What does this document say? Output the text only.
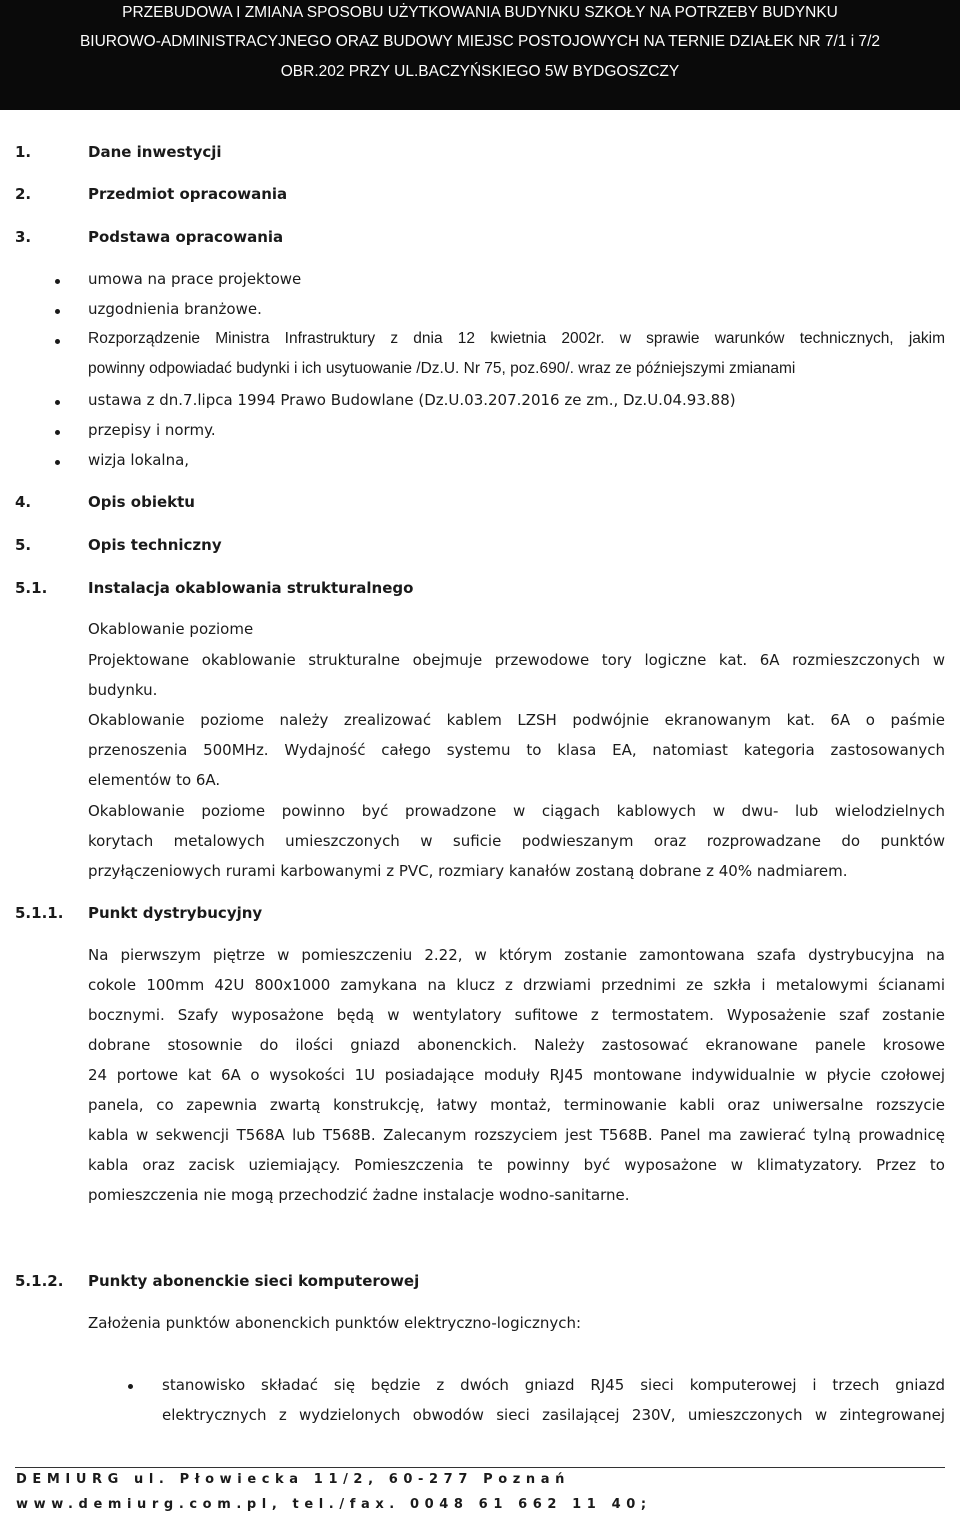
PRZEBUDOWA I ZMIANA SPOSOBU UŻYTKOWANIA BUDYNKU SZKOŁY NA POTRZEBY BUDYNKU
BIUROWO-ADMINISTRACYJNEGO ORAZ BUDOWY MIEJSC POSTOJOWYCH NA TERNIE DZIAŁEK NR 7/1 i 7/2
OBR.202 PRZY UL.BACZYŃSKIEGO 5W BYDGOSZCZY
1.	Dane inwestycji
2.	Przedmiot opracowania
3.	Podstawa opracowania
umowa na prace projektowe
uzgodnienia branżowe.
Rozporządzenie Ministra Infrastruktury z dnia 12 kwietnia 2002r. w sprawie warunków technicznych, jakim
powinny odpowiadać budynki i ich usytuowanie /Dz.U. Nr 75, poz.690/. wraz ze późniejszymi zmianami
ustawa z dn.7.lipca 1994 Prawo Budowlane (Dz.U.03.207.2016 ze zm., Dz.U.04.93.88)
przepisy i normy.
wizja lokalna,
4.	Opis obiektu
5.	Opis techniczny
5.1.	Instalacja okablowania strukturalnego
Okablowanie poziome
Projektowane okablowanie strukturalne obejmuje przewodowe tory logiczne kat. 6A rozmieszczonych w
budynku.
Okablowanie poziome należy zrealizować kablem LZSH podwójnie ekranowanym kat. 6A o paśmie
przenoszenia 500MHz. Wydajność całego systemu to klasa EA, natomiast kategoria zastosowanych
elementów to 6A.
Okablowanie poziome powinno być prowadzone w ciągach kablowych w dwu- lub wielodzielnych
korytach metalowych umieszczonych w suficie podwieszanym oraz rozprowadzane do punktów
przyłączeniowych rurami karbowanymi z PVC, rozmiary kanałów zostaną dobrane z 40% nadmiarem.
5.1.1. Punkt dystrybucyjny
Na pierwszym piętrze w pomieszczeniu 2.22, w którym zostanie zamontowana szafa dystrybucyjna na
cokole 100mm 42U 800x1000 zamykana na klucz z drzwiami przednimi ze szkła i metalowymi ścianami
bocznymi. Szafy wyposażone będą w wentylatory sufitowe z termostatem. Wyposażenie szaf zostanie
dobrane stosownie do ilości gniazd abonenckich. Należy zastosować ekranowane panele krosowe
24 portowe kat 6A o wysokości 1U posiadające moduły RJ45 montowane indywidualnie w płycie czołowej
panela, co zapewnia zwartą konstrukcję, łatwy montaż, terminowanie kabli oraz uniwersalne rozszycie
kabla w sekwencji T568A lub T568B. Zalecanym rozszyciem jest T568B. Panel ma zawierać tylną prowadnicę
kabla oraz zacisk uziemiający. Pomieszczenia te powinny być wyposażone w klimatyzatory. Przez to
pomieszczenia nie mogą przechodzić żadne instalacje wodno-sanitarne.
5.1.2. Punkty abonenckie sieci komputerowej
Założenia punktów abonenckich punktów elektryczno-logicznych:
stanowisko składać się będzie z dwóch gniazd RJ45 sieci komputerowej i trzech gniazd
elektrycznych z wydzielonych obwodów sieci zasilającej 230V, umieszczonych w zintegrowanej
DEMIURG ul. Płowiecka 11/2, 60-277 Poznań
www.demiurg.com.pl, tel./fax. 0048 61 662 11 40;
